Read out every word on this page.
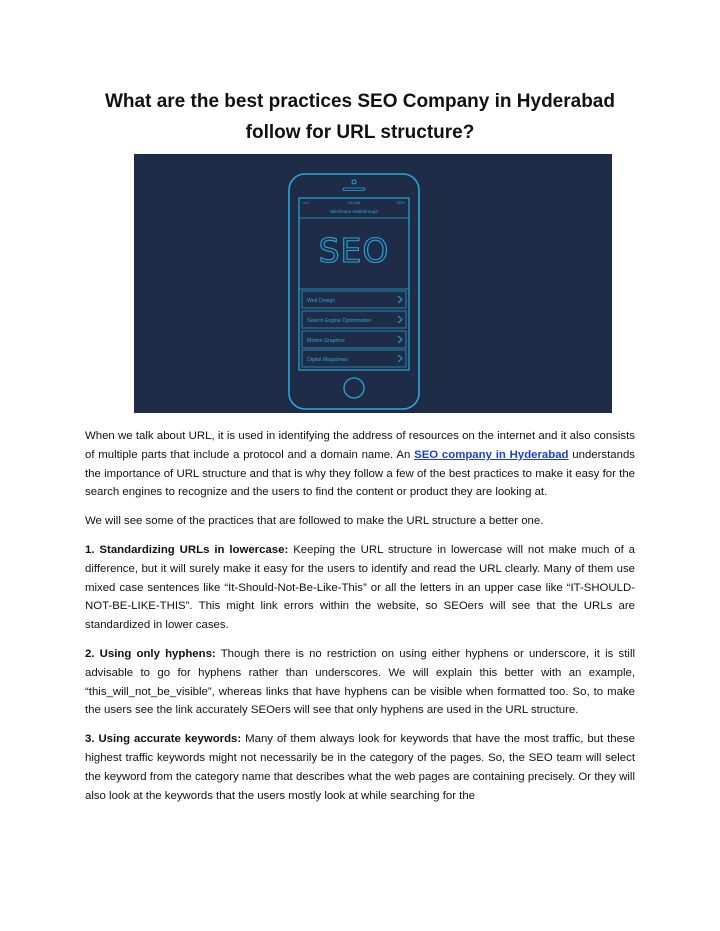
What are the best practices SEO Company in Hyderabad
follow for URL structure?
•••••	9:41 AM	100%
Wireframe Walkthrough
SEO
Web Design
Search Engine Optimization
Motion Graphics
Digital Magazines

When we talk about URL, it is used in identifying the address of resources on the internet and it also consists of multiple parts that include a protocol and a domain name. An SEO company in Hyderabad understands the importance of URL structure and that is why they follow a few of the best practices to make it easy for the search engines to recognize and the users to find the content or product they are looking at.

We will see some of the practices that are followed to make the URL structure a better one.

1. Standardizing URLs in lowercase: Keeping the URL structure in lowercase will not make much of a difference, but it will surely make it easy for the users to identify and read the URL clearly. Many of them use mixed case sentences like “It-Should-Not-Be-Like-This” or all the letters in an upper case like “IT-SHOULD-NOT-BE-LIKE-THIS”. This might link errors within the website, so SEOers will see that the URLs are standardized in lower cases.

2. Using only hyphens: Though there is no restriction on using either hyphens or underscore, it is still advisable to go for hyphens rather than underscores. We will explain this better with an example, “this_will_not_be_visible”, whereas links that have hyphens can be visible when formatted too. So, to make the users see the link accurately SEOers will see that only hyphens are used in the URL structure.

3. Using accurate keywords: Many of them always look for keywords that have the most traffic, but these highest traffic keywords might not necessarily be in the category of the pages. So, the SEO team will select the keyword from the category name that describes what the web pages are containing precisely. Or they will also look at the keywords that the users mostly look at while searching for the
